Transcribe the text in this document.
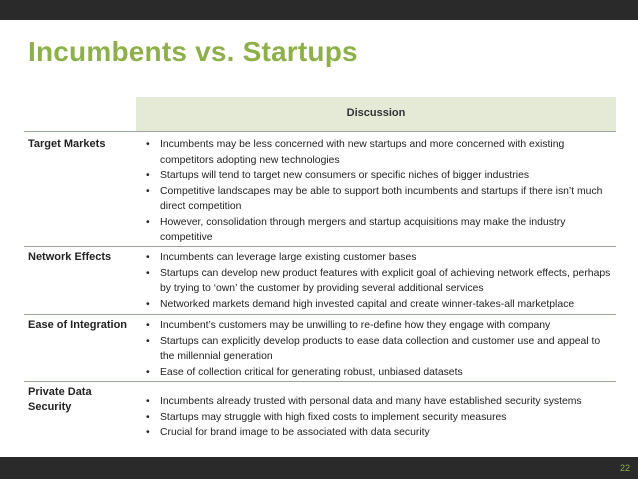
Incumbents vs. Startups
Discussion
Target Markets	• Incumbents may be less concerned with new startups and more concerned with existing competitors adopting new technologies
• Startups will tend to target new consumers or specific niches of bigger industries
• Competitive landscapes may be able to support both incumbents and startups if there isn’t much direct competition
• However, consolidation through mergers and startup acquisitions may make the industry competitive
Network Effects	• Incumbents can leverage large existing customer bases
• Startups can develop new product features with explicit goal of achieving network effects, perhaps by trying to ‘own’ the customer by providing several additional services
• Networked markets demand high invested capital and create winner-takes-all marketplace
Ease of Integration	• Incumbent’s customers may be unwilling to re-define how they engage with company
• Startups can explicitly develop products to ease data collection and customer use and appeal to the millennial generation
• Ease of collection critical for generating robust, unbiased datasets
Private Data Security	• Incumbents already trusted with personal data and many have established security systems
• Startups may struggle with high fixed costs to implement security measures
• Crucial for brand image to be associated with data security
22
